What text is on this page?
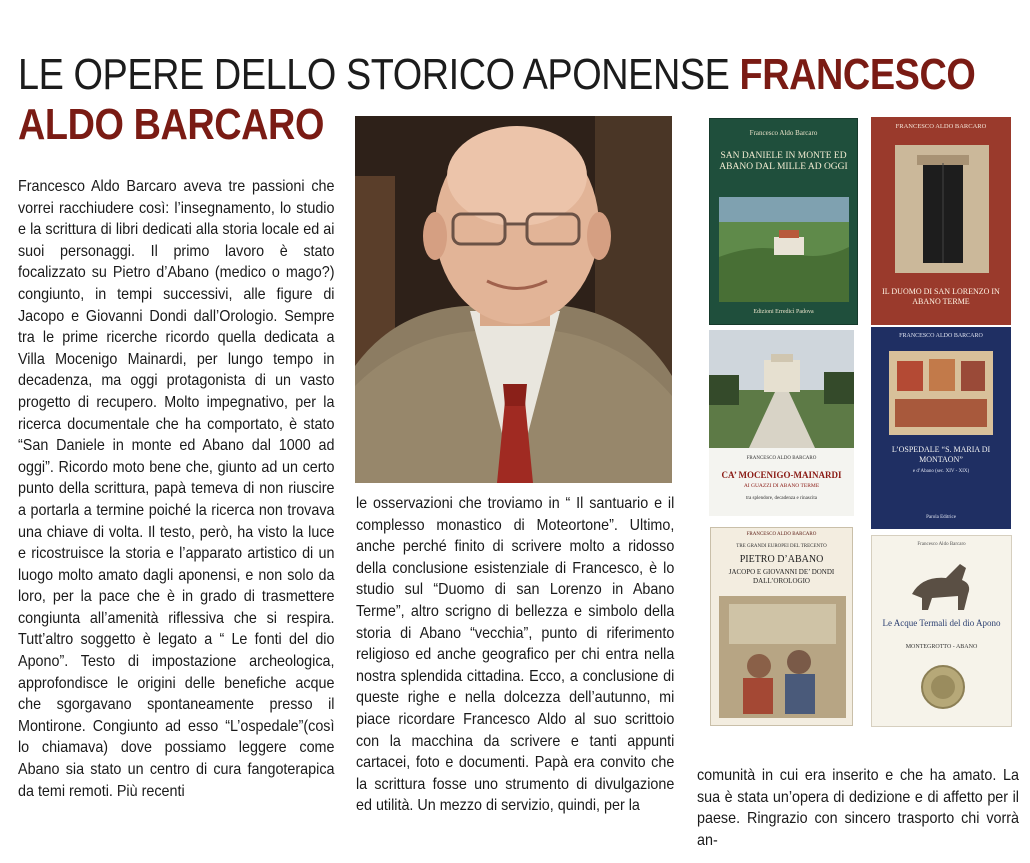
LE OPERE DELLO STORICO APONENSE FRANCESCO ALDO BARCARO

Francesco Aldo Barcaro aveva tre passioni che vorrei racchiudere così: l’insegnamento, lo studio e la scrittura di libri dedicati alla storia locale ed ai suoi personaggi. Il primo lavoro è stato focalizzato su Pietro d’Abano (medico o mago?) congiunto, in tempi successivi, alle figure di Jacopo e Giovanni Dondi dall’Orologio. Sempre tra le prime ricerche ricordo quella dedicata a Villa Mocenigo Mainardi, per lungo tempo in decadenza, ma oggi protagonista di un vasto progetto di recupero. Molto impegnativo, per la ricerca documentale che ha comportato, è stato “San Daniele in monte ed Abano dal 1000 ad oggi”. Ricordo moto bene che, giunto ad un certo punto della scrittura, papà temeva di non riuscire a portarla a termine poiché la ricerca non trovava una chiave di volta. Il testo, però, ha visto la luce e ricostruisce la storia e l’apparato artistico di un luogo molto amato dagli aponensi, e non solo da loro, per la pace che è in grado di trasmettere congiunta all’amenità riflessiva che si respira. Tutt’altro soggetto è legato a “ Le fonti del dio Apono”. Testo di impostazione archeologica, approfondisce le origini delle benefiche acque che sgorgavano spontaneamente presso il Montirone. Congiunto ad esso “L’ospedale”(così lo chiamava) dove possiamo leggere come Abano sia stato un centro di cura fangoterapica da temi remoti. Più recenti

le osservazioni che troviamo in “ Il santuario e il complesso monastico di Moteortone”. Ultimo, anche perché finito di scrivere molto a ridosso della conclusione esistenziale di Francesco, è lo studio sul “Duomo di san Lorenzo in Abano Terme”, altro scrigno di bellezza e simbolo della storia di Abano “vecchia”, punto di riferimento religioso ed anche geografico per chi entra nella nostra splendida cittadina. Ecco, a conclusione di queste righe e nella dolcezza dell’autunno, mi piace ricordare Francesco Aldo al suo scrittoio con la macchina da scrivere e tanti appunti cartacei, foto e documenti. Papà era convito che la scrittura fosse uno strumento di divulgazione ed utilità. Un mezzo di servizio, quindi, per la

comunità in cui era inserito e che ha amato. La sua è stata un’opera di dedizione e di affetto per il paese. Ringrazio con sincero trasporto chi vorrà an-

Francesco Aldo Barcaro
SAN DANIELE IN MONTE ED ABANO DAL MILLE AD OGGI
Edizioni Erredicì Padova
FRANCESCO ALDO BARCARO
IL DUOMO DI SAN LORENZO IN ABANO TERME
FRANCESCO ALDO BARCARO
CA’ MOCENIGO-MAINARDI
AI GUAZZI DI ABANO TERME
tra splendore, decadenza e rinascita
FRANCESCO ALDO BARCARO
L’OSPEDALE “S. MARIA DI MONTAON”
e d’Abano (sec. XIV - XIX)
Parola Editrice
FRANCESCO ALDO BARCARO
TRE GRANDI EUROPEI DEL TRECENTO
PIETRO D’ABANO
JACOPO E GIOVANNI DE’ DONDI DALL’OROLOGIO
Francesco Aldo Barcaro
Le Acque Termali del dio Apono
MONTEGROTTO - ABANO
